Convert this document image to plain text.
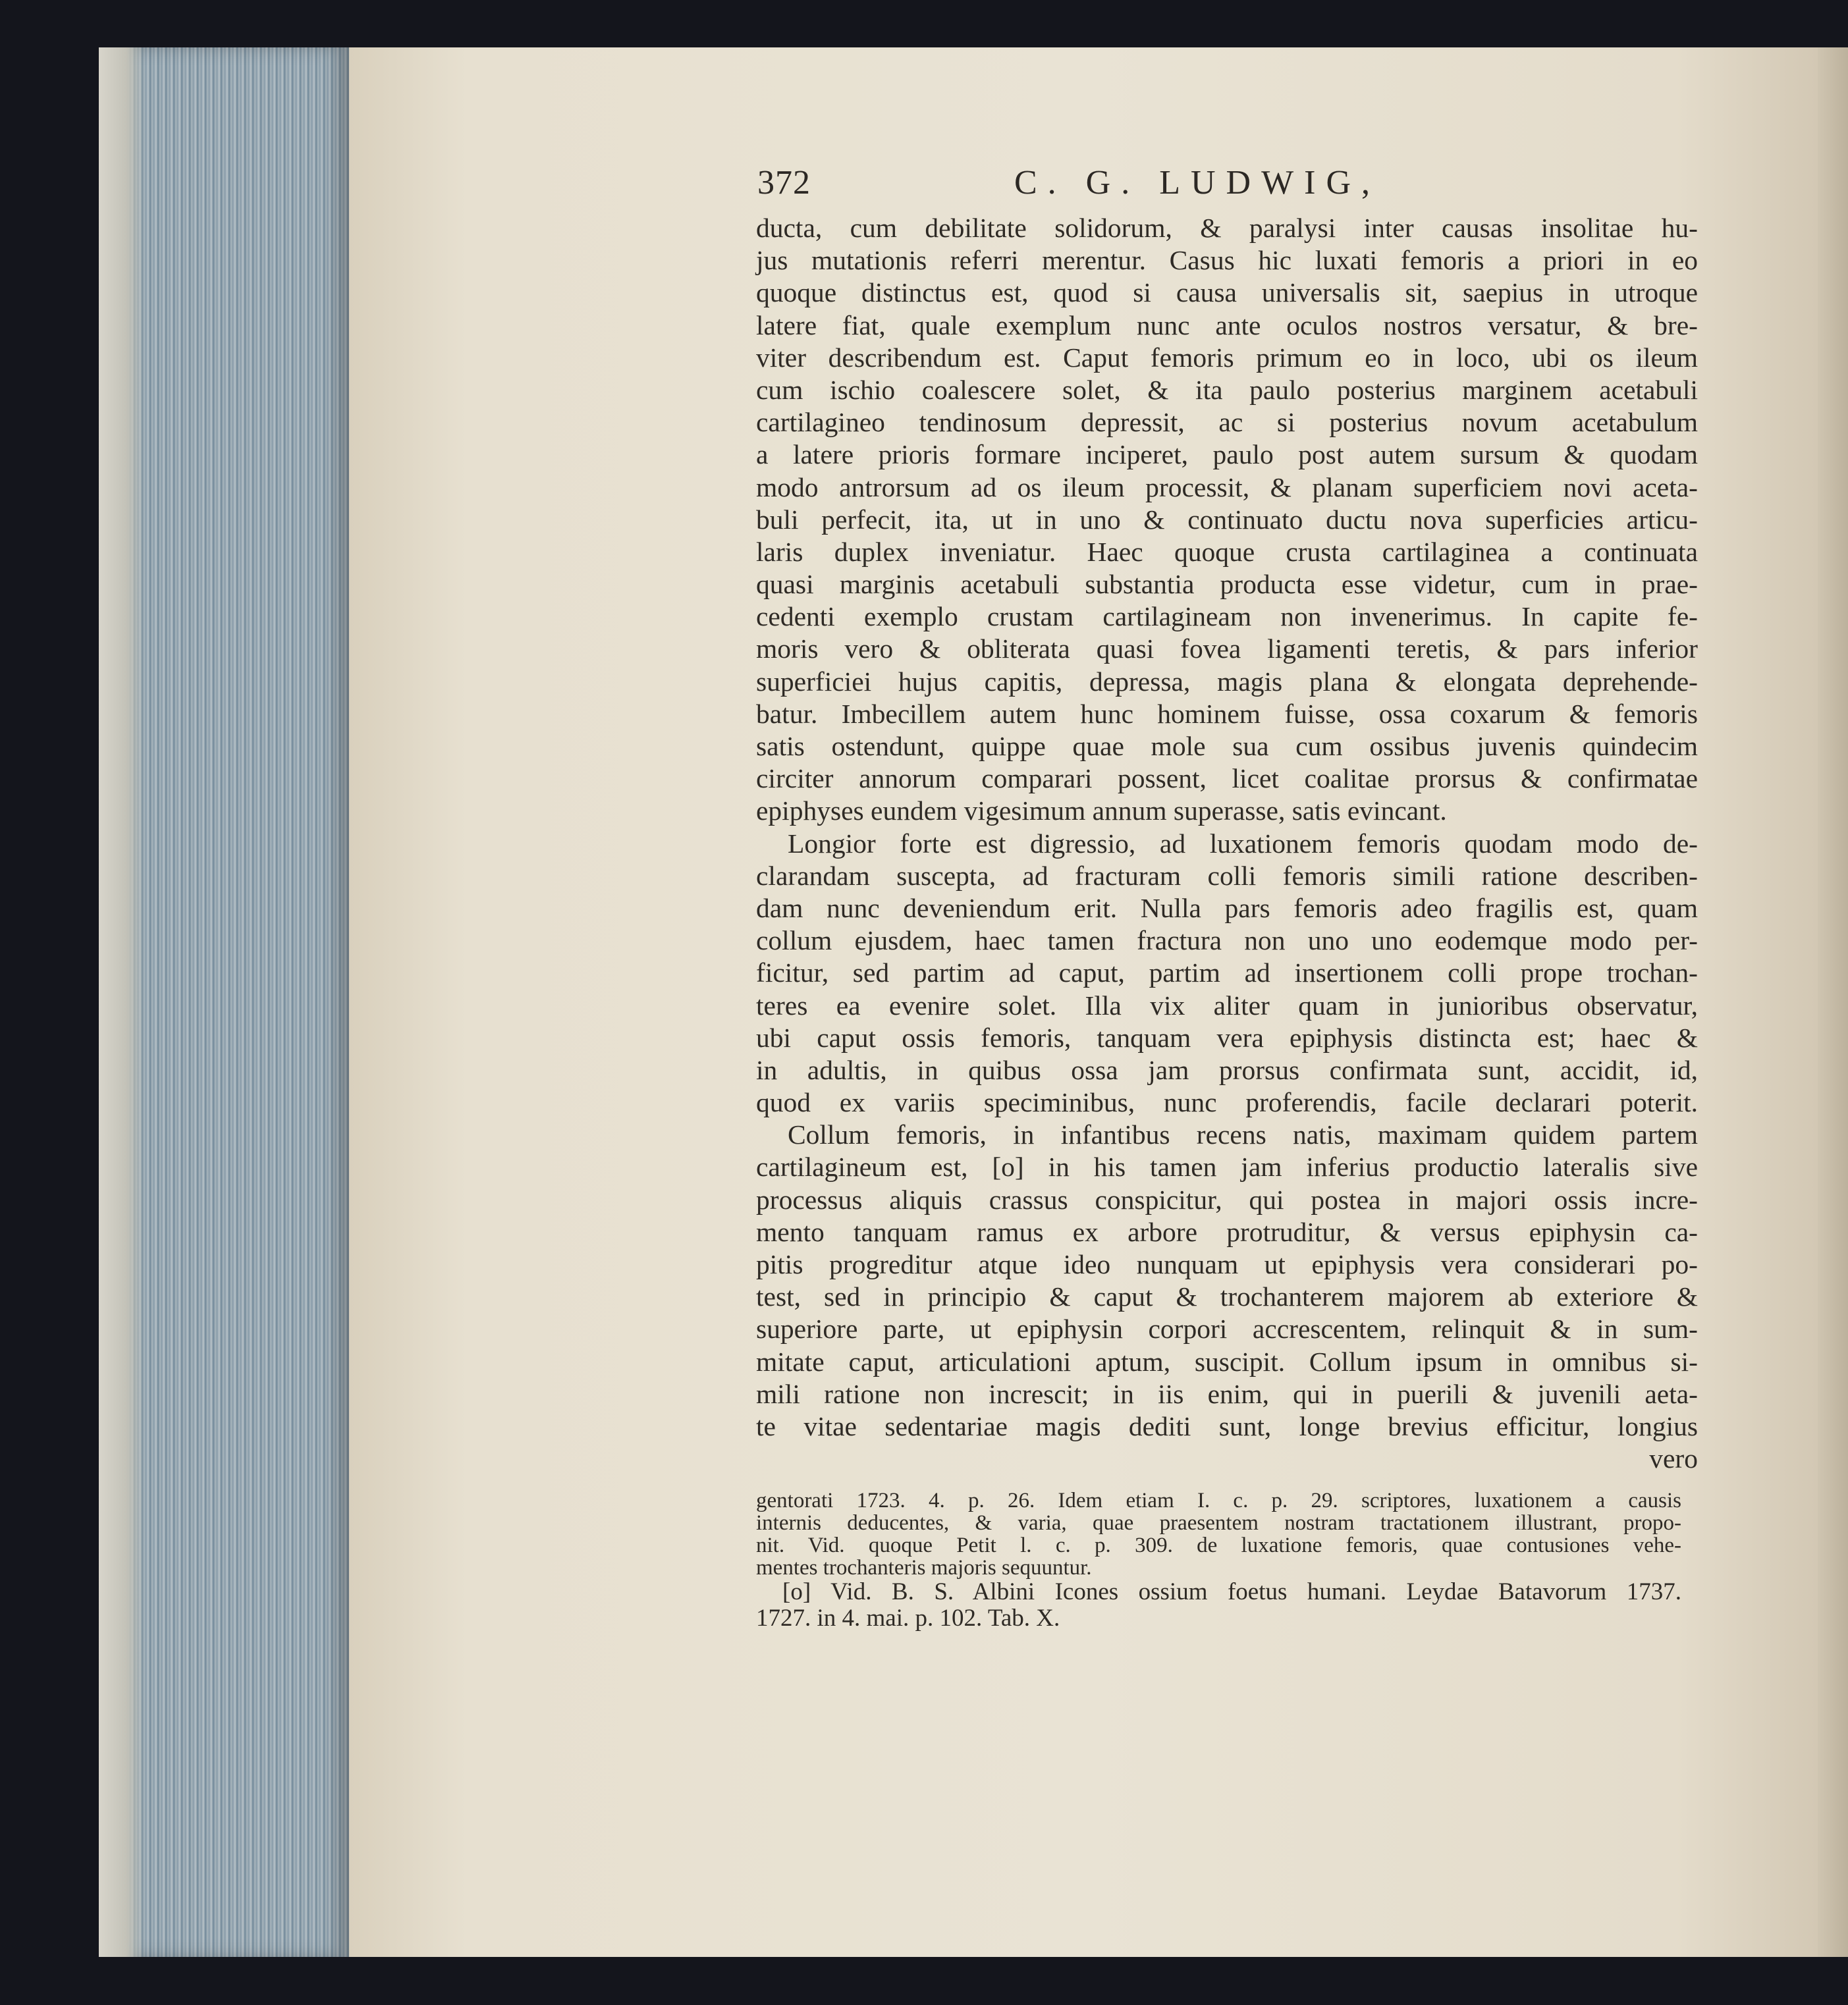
372	C. G. LUDWIG,
ducta, cum debilitate solidorum, & paralysi inter causas insolitae hu-
jus mutationis referri merentur. Casus hic luxati femoris a priori in eo
quoque distinctus est, quod si causa universalis sit, saepius in utroque
latere fiat, quale exemplum nunc ante oculos nostros versatur, & bre-
viter describendum est. Caput femoris primum eo in loco, ubi os ileum
cum ischio coalescere solet, & ita paulo posterius marginem acetabuli
cartilagineo tendinosum depressit, ac si posterius novum acetabulum
a latere prioris formare inciperet, paulo post autem sursum & quodam
modo antrorsum ad os ileum processit, & planam superficiem novi aceta-
buli perfecit, ita, ut in uno & continuato ductu nova superficies articu-
laris duplex inveniatur. Haec quoque crusta cartilaginea a continuata
quasi marginis acetabuli substantia producta esse videtur, cum in prae-
cedenti exemplo crustam cartilagineam non invenerimus. In capite fe-
moris vero & obliterata quasi fovea ligamenti teretis, & pars inferior
superficiei hujus capitis, depressa, magis plana & elongata deprehende-
batur. Imbecillem autem hunc hominem fuisse, ossa coxarum & femoris
satis ostendunt, quippe quae mole sua cum ossibus juvenis quindecim
circiter annorum comparari possent, licet coalitae prorsus & confirmatae
epiphyses eundem vigesimum annum superasse, satis evincant.
Longior forte est digressio, ad luxationem femoris quodam modo de-
clarandam suscepta, ad fracturam colli femoris simili ratione describen-
dam nunc deveniendum erit. Nulla pars femoris adeo fragilis est, quam
collum ejusdem, haec tamen fractura non uno uno eodemque modo per-
ficitur, sed partim ad caput, partim ad insertionem colli prope trochan-
teres ea evenire solet. Illa vix aliter quam in junioribus observatur,
ubi caput ossis femoris, tanquam vera epiphysis distincta est; haec &
in adultis, in quibus ossa jam prorsus confirmata sunt, accidit, id,
quod ex variis speciminibus, nunc proferendis, facile declarari poterit.
Collum femoris, in infantibus recens natis, maximam quidem partem
cartilagineum est, [o] in his tamen jam inferius productio lateralis sive
processus aliquis crassus conspicitur, qui postea in majori ossis incre-
mento tanquam ramus ex arbore protruditur, & versus epiphysin ca-
pitis progreditur atque ideo nunquam ut epiphysis vera considerari po-
test, sed in principio & caput & trochanterem majorem ab exteriore &
superiore parte, ut epiphysin corpori accrescentem, relinquit & in sum-
mitate caput, articulationi aptum, suscipit. Collum ipsum in omnibus si-
mili ratione non increscit; in iis enim, qui in puerili & juvenili aeta-
te vitae sedentariae magis dediti sunt, longe brevius efficitur, longius
vero
gentorati 1723. 4. p. 26. Idem etiam I. c. p. 29. scriptores, luxationem a causis
internis deducentes, & varia, quae praesentem nostram tractationem illustrant, propo-
nit. Vid. quoque Petit l. c. p. 309. de luxatione femoris, quae contusiones vehe-
mentes trochanteris majoris sequuntur.
[o] Vid. B. S. Albini Icones ossium foetus humani. Leydae Batavorum 1737.
1727. in 4. mai. p. 102. Tab. X.
